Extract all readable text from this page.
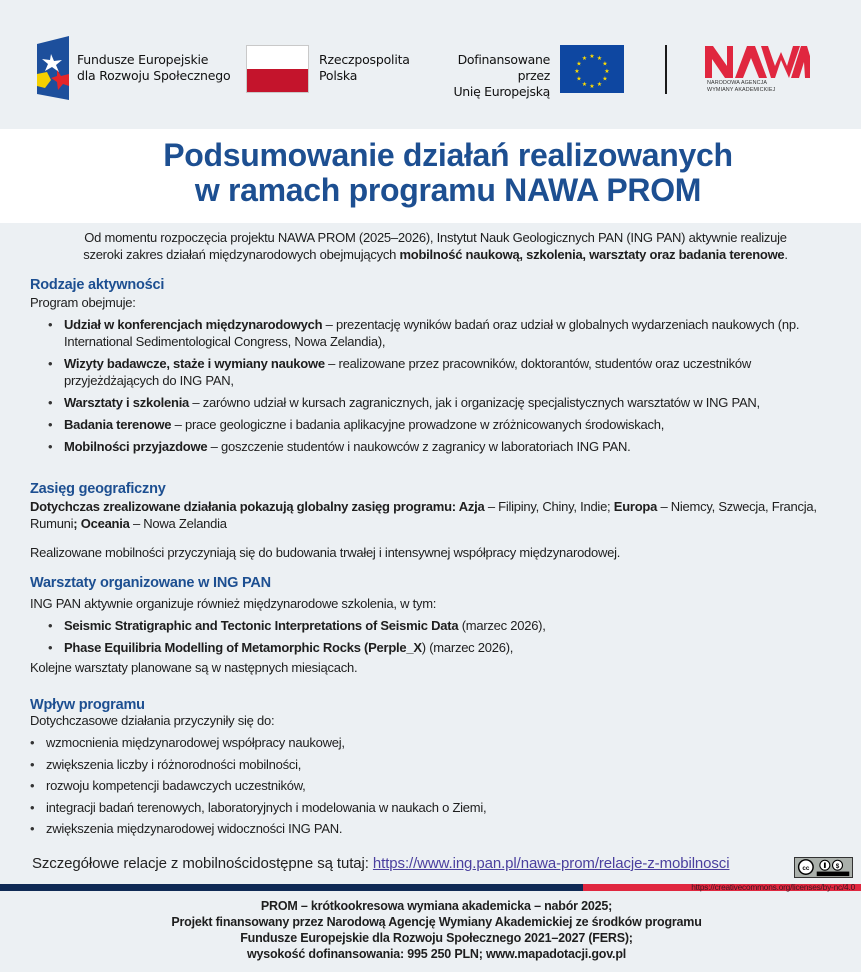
Fundusze Europejskie
dla Rozwoju Społecznego
Rzeczpospolita
Polska
Dofinansowane przez
Unię Europejską
★ ★
★
★
★
★
★
★
★
★
★
★
NARODOWA AGENCJA
WYMIANY AKADEMICKIEJ
Podsumowanie działań realizowanych
w ramach programu NAWA PROM
Od momentu rozpoczęcia projektu NAWA PROM (2025–2026), Instytut Nauk Geologicznych PAN (ING PAN) aktywnie realizuje
szeroki zakres działań międzynarodowych obejmujących mobilność naukową, szkolenia, warsztaty oraz badania terenowe.
Rodzaje aktywności
Program obejmuje:
• Udział w konferencjach międzynarodowych – prezentację wyników badań oraz udział w globalnych wydarzeniach naukowych (np. International Sedimentological Congress, Nowa Zelandia),
• Wizyty badawcze, staże i wymiany naukowe – realizowane przez pracowników, doktorantów, studentów oraz uczestników przyjeżdżających do ING PAN,
• Warsztaty i szkolenia – zarówno udział w kursach zagranicznych, jak i organizację specjalistycznych warsztatów w ING PAN,
• Badania terenowe – prace geologiczne i badania aplikacyjne prowadzone w zróżnicowanych środowiskach,
• Mobilności przyjazdowe – goszczenie studentów i naukowców z zagranicy w laboratoriach ING PAN.
Zasięg geograficzny
Dotychczas zrealizowane działania pokazują globalny zasięg programu: Azja – Filipiny, Chiny, Indie; Europa – Niemcy, Szwecja, Francja, Rumuni; Oceania – Nowa Zelandia
Realizowane mobilności przyczyniają się do budowania trwałej i intensywnej współpracy międzynarodowej.
Warsztaty organizowane w ING PAN
ING PAN aktywnie organizuje również międzynarodowe szkolenia, w tym:
• Seismic Stratigraphic and Tectonic Interpretations of Seismic Data (marzec 2026),
• Phase Equilibria Modelling of Metamorphic Rocks (Perple_X) (marzec 2026),
Kolejne warsztaty planowane są w następnych miesiącach.
Wpływ programu
Dotychczasowe działania przyczyniły się do:
• wzmocnienia międzynarodowej współpracy naukowej,
• zwiększenia liczby i różnorodności mobilności,
• rozwoju kompetencji badawczych uczestników,
• integracji badań terenowych, laboratoryjnych i modelowania w naukach o Ziemi,
• zwiększenia międzynarodowej widoczności ING PAN.
Szczegółowe relacje z mobilnościdostępne są tutaj: https://www.ing.pan.pl/nawa-prom/relacje-z-mobilnosci	cc	$
https://creativecommons.org/licenses/by-nc/4.0
PROM – krótkookresowa wymiana akademicka – nabór 2025;
Projekt finansowany przez Narodową Agencję Wymiany Akademickiej ze środków programu
Fundusze Europejskie dla Rozwoju Społecznego 2021–2027 (FERS);
wysokość dofinansowania: 995 250 PLN; www.mapadotacji.gov.pl
